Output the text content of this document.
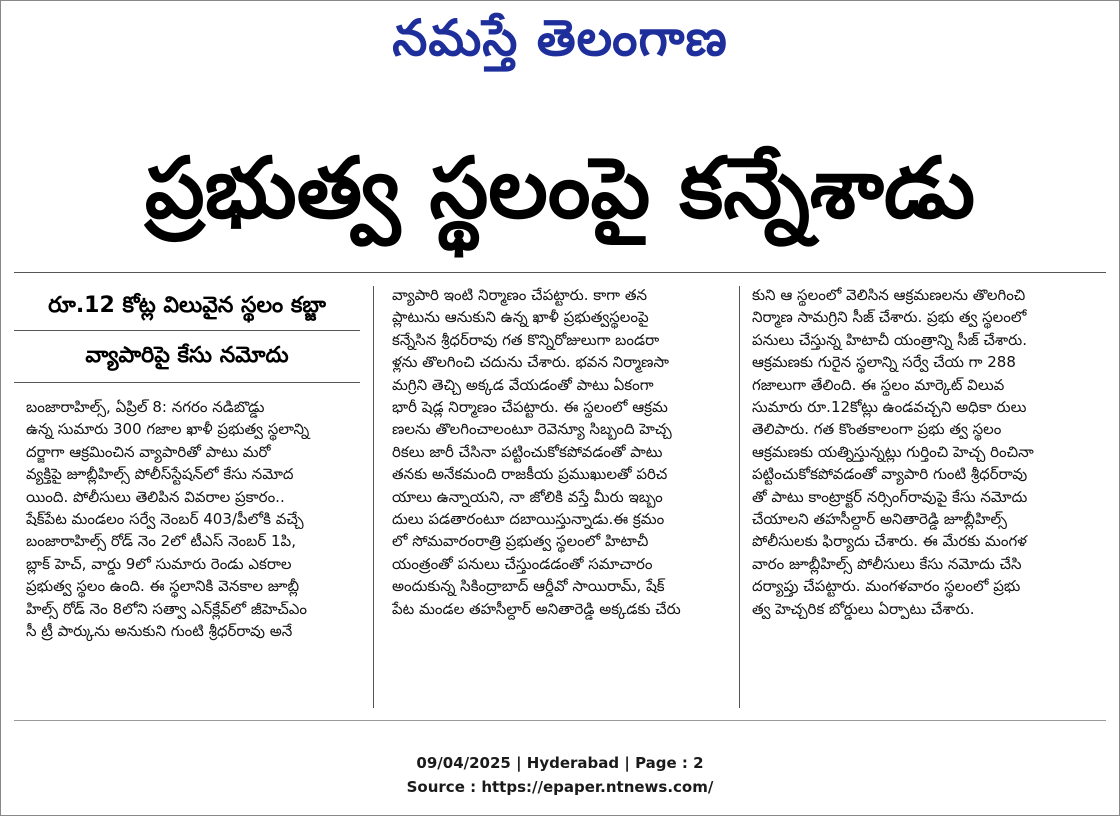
నమస్తే తెలంగాణ
ప్రభుత్వ స్థలంపై కన్నేశాడు
రూ.12 కోట్ల విలువైన స్థలం కబ్జా
వ్యాపారిపై కేసు నమోదు
బంజారాహిల్స్, ఏప్రిల్ 8: నగరం నడిబొడ్డు
ఉన్న సుమారు 300 గజాల ఖాళీ ప్రభుత్వ స్థలాన్ని
దర్జాగా ఆక్రమించిన వ్యాపారితో పాటు మరో
వ్యక్తిపై జూబ్లీహిల్స్ పోలీస్‌స్టేషన్‌లో కేసు నమోద
యింది. పోలీసులు తెలిపిన వివరాల ప్రకారం..
షేక్‌పేట మండలం సర్వే నెంబర్ 403/పీలోకి వచ్చే
బంజారాహిల్స్ రోడ్ నెం 2లో టీఎస్ నెంబర్ 1పి,
బ్లాక్ హెచ్, వార్డు 9లో సుమారు రెండు ఎకరాల
ప్రభుత్వ స్థలం ఉంది. ఈ స్థలానికి వెనకాల జూబ్లీ
హిల్స్ రోడ్ నెం 8లోని సత్వా ఎన్‌క్లేవ్‌లో జీహెచ్‌ఎం
సీ ట్రీ పార్కును అనుకుని గుంటి శ్రీధర్‌రావు అనే
వ్యాపారి ఇంటి నిర్మాణం చేపట్టారు. కాగా తన
ప్లాటును ఆనుకుని ఉన్న ఖాళీ ప్రభుత్వస్థలంపై
కన్నేసిన శ్రీధర్‌రావు గత కొన్నిరోజులుగా బండరా
ళ్లను తొలగించి చదును చేశారు. భవన నిర్మాణసా
మగ్రిని తెచ్చి అక్కడ వేయడంతో పాటు ఏకంగా
భారీ షెడ్ల నిర్మాణం చేపట్టారు. ఈ స్థలంలో ఆక్రమ
ణలను తొలగించాలంటూ రెవెన్యూ సిబ్బంది హెచ్చ
రికలు జారీ చేసినా పట్టించుకోకపోవడంతో పాటు
తనకు అనేకమంది రాజకీయ ప్రముఖులతో పరిచ
యాలు ఉన్నాయని, నా జోలికి వస్తే మీరు ఇబ్బం
దులు పడతారంటూ దబాయిస్తున్నాడు.ఈ క్రమం
లో సోమవారంరాత్రి ప్రభుత్వ స్థలంలో హిటాచీ
యంత్రంతో పనులు చేస్తుండడంతో సమాచారం
అందుకున్న సికింద్రాబాద్ ఆర్డీవో సాయిరామ్, షేక్
పేట మండల తహసీల్దార్ అనితారెడ్డి అక్కడకు చేరు
కుని ఆ స్థలంలో వెలిసిన ఆక్రమణలను తొలగించి
నిర్మాణ సామగ్రిని సీజ్ చేశారు. ప్రభు త్వ స్థలంలో
పనులు చేస్తున్న హిటాచీ యంత్రాన్ని సీజ్ చేశారు.
ఆక్రమణకు గురైన స్థలాన్ని సర్వే చేయ గా 288
గజాలుగా తేలింది. ఈ స్థలం మార్కెట్ విలువ
సుమారు రూ.12కోట్లు ఉండవచ్చని అధికా రులు
తెలిపారు. గత కొంతకాలంగా ప్రభు త్వ స్థలం
ఆక్రమణకు యత్నిస్తున్నట్లు గుర్తించి హెచ్చ రించినా
పట్టించుకోకపోవడంతో వ్యాపారి గుంటి శ్రీధర్‌రావు
తో పాటు కాంట్రాక్టర్ నర్సింగ్‌రావుపై కేసు నమోదు
చేయాలని తహసీల్దార్ అనితారెడ్డి జూబ్లీహిల్స్
పోలీసులకు ఫిర్యాదు చేశారు. ఈ మేరకు మంగళ
వారం జూబ్లీహిల్స్ పోలీసులు కేసు నమోదు చేసి
దర్యాప్తు చేపట్టారు. మంగళవారం స్థలంలో ప్రభు
త్వ హెచ్చరిక బోర్డులు ఏర్పాటు చేశారు.
09/04/2025 | Hyderabad | Page : 2
Source : https://epaper.ntnews.com/
